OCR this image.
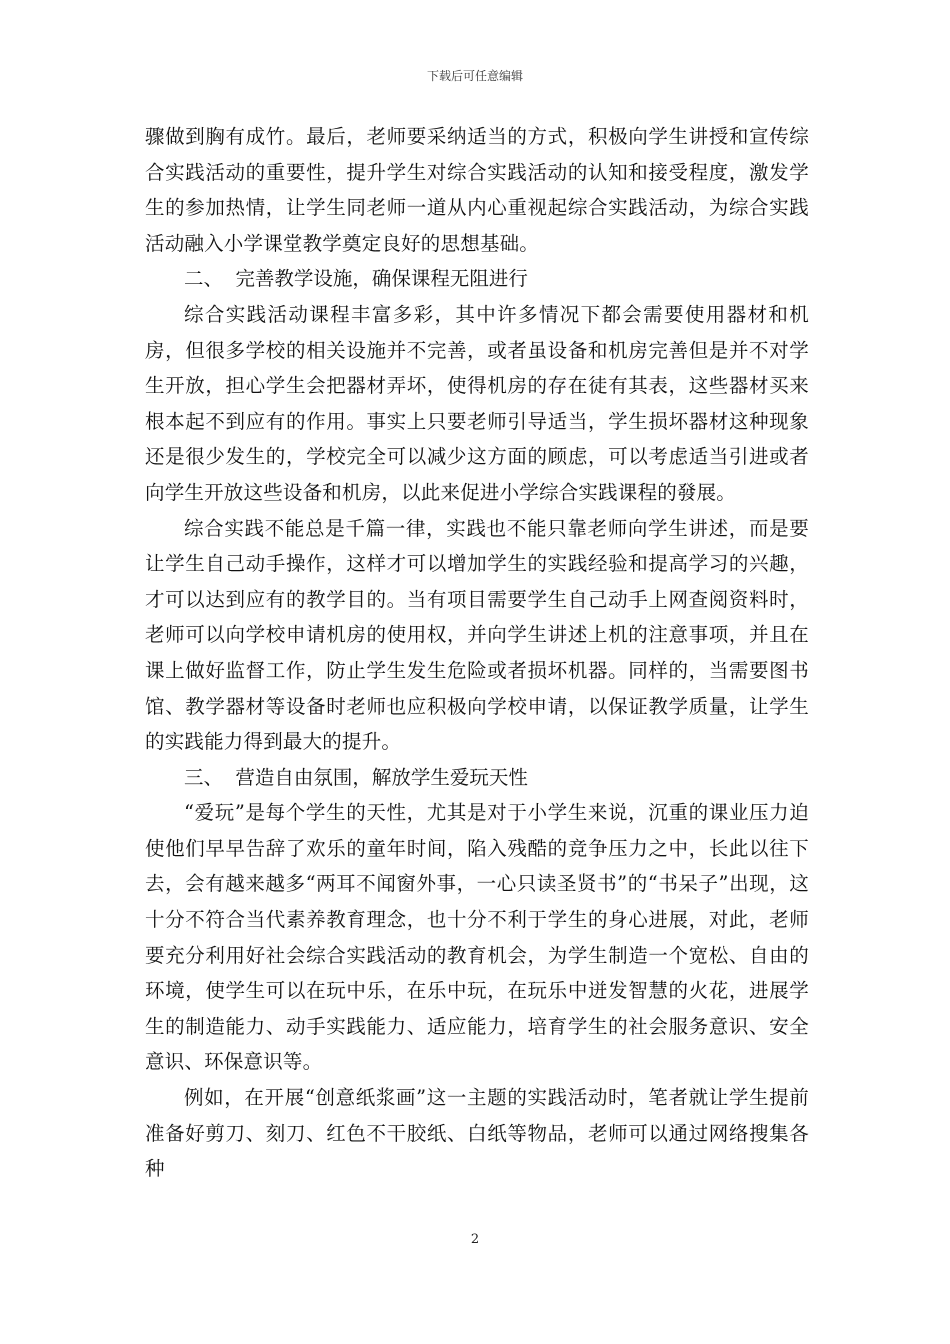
下载后可任意编辑

骤做到胸有成竹。最后，老师要采纳适当的方式，积极向学生讲授和宣传综合实践活动的重要性，提升学生对综合实践活动的认知和接受程度，激发学生的参加热情，让学生同老师一道从内心重视起综合实践活动，为综合实践活动融入小学课堂教学奠定良好的思想基础。

二、  完善教学设施，确保课程无阻进行

综合实践活动课程丰富多彩，其中许多情况下都会需要使用器材和机房，但很多学校的相关设施并不完善，或者虽设备和机房完善但是并不对学生开放，担心学生会把器材弄坏，使得机房的存在徒有其表，这些器材买来根本起不到应有的作用。事实上只要老师引导适当，学生损坏器材这种现象还是很少发生的，学校完全可以减少这方面的顾虑，可以考虑适当引进或者向学生开放这些设备和机房，以此来促进小学综合实践课程的發展。

综合实践不能总是千篇一律，实践也不能只靠老师向学生讲述，而是要让学生自己动手操作，这样才可以增加学生的实践经验和提高学习的兴趣，才可以达到应有的教学目的。当有项目需要学生自己动手上网查阅资料时，老师可以向学校申请机房的使用权，并向学生讲述上机的注意事项，并且在课上做好监督工作，防止学生发生危险或者损坏机器。同样的，当需要图书馆、教学器材等设备时老师也应积极向学校申请，以保证教学质量，让学生的实践能力得到最大的提升。

三、  营造自由氛围，解放学生爱玩天性

“爱玩”是每个学生的天性，尤其是对于小学生来说，沉重的课业压力迫使他们早早告辞了欢乐的童年时间，陷入残酷的竞争压力之中，长此以往下去，会有越来越多“两耳不闻窗外事，一心只读圣贤书”的“书呆子”出现，这十分不符合当代素养教育理念，也十分不利于学生的身心进展，对此，老师要充分利用好社会综合实践活动的教育机会，为学生制造一个宽松、自由的环境，使学生可以在玩中乐，在乐中玩，在玩乐中迸发智慧的火花，进展学生的制造能力、动手实践能力、适应能力，培育学生的社会服务意识、安全意识、环保意识等。

例如，在开展“创意纸浆画”这一主题的实践活动时，笔者就让学生提前准备好剪刀、刻刀、红色不干胶纸、白纸等物品，老师可以通过网络搜集各种

2
